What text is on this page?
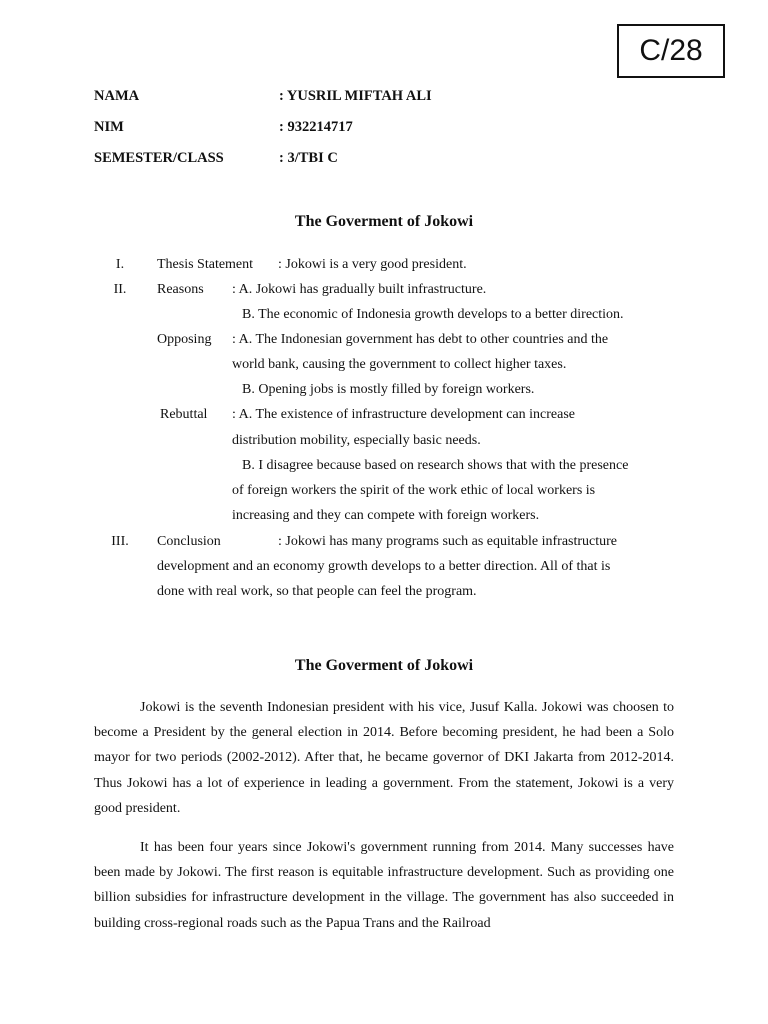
C/28
NAMA	: YUSRIL MIFTAH ALI
NIM	: 932214717
SEMESTER/CLASS	: 3/TBI C
The Goverment of Jokowi
I.	Thesis Statement : Jokowi is a very good president.
II.	Reasons : A. Jokowi has gradually built infrastructure.
B. The economic of Indonesia growth develops to a better direction.
Opposing : A. The Indonesian government has debt to other countries and the
world bank, causing the government to collect higher taxes.
B. Opening jobs is mostly filled by foreign workers.
Rebuttal : A. The existence of infrastructure development can increase
distribution mobility, especially basic needs.
B. I disagree because based on research shows that with the presence
of foreign workers the spirit of the work ethic of local workers is
increasing and they can compete with foreign workers.
III.	Conclusion	: Jokowi has many programs such as equitable infrastructure
development and an economy growth develops to a better direction. All of that is
done with real work, so that people can feel the program.
The Goverment of Jokowi

Jokowi is the seventh Indonesian president with his vice, Jusuf Kalla. Jokowi was choosen to become a President by the general election in 2014. Before becoming president, he had been a Solo mayor for two periods (2002-2012). After that, he became governor of DKI Jakarta from 2012-2014. Thus Jokowi has a lot of experience in leading a government. From the statement, Jokowi is a very good president.

It has been four years since Jokowi's government running from 2014. Many successes have been made by Jokowi. The first reason is equitable infrastructure development. Such as providing one billion subsidies for infrastructure development in the village. The government has also succeeded in building cross-regional roads such as the Papua Trans and the Railroad
